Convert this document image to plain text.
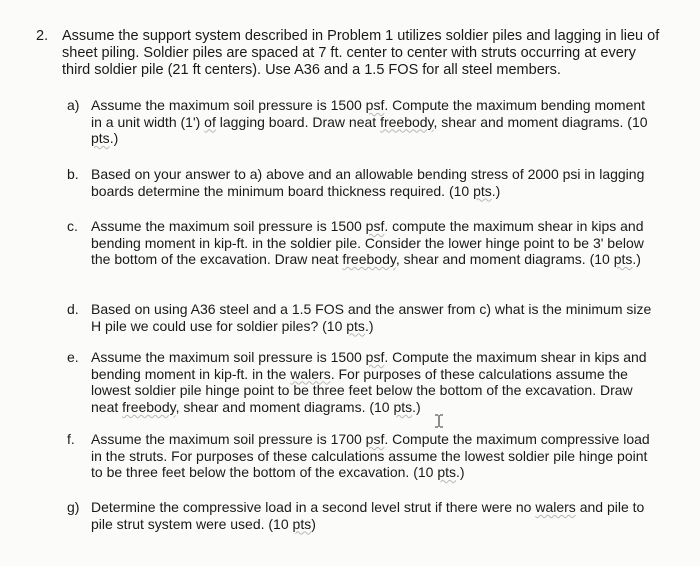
2. Assume the support system described in Problem 1 utilizes soldier piles and lagging in lieu of sheet piling. Soldier piles are spaced at 7 ft. center to center with struts occurring at every third soldier pile (21 ft centers). Use A36 and a 1.5 FOS for all steel members.
a) Assume the maximum soil pressure is 1500 psf. Compute the maximum bending moment in a unit width (1') of lagging board. Draw neat freebody, shear and moment diagrams. (10 pts.)
b. Based on your answer to a) above and an allowable bending stress of 2000 psi in lagging boards determine the minimum board thickness required. (10 pts.)
c. Assume the maximum soil pressure is 1500 psf. compute the maximum shear in kips and bending moment in kip-ft. in the soldier pile. Consider the lower hinge point to be 3' below the bottom of the excavation. Draw neat freebody, shear and moment diagrams. (10 pts.)
d. Based on using A36 steel and a 1.5 FOS and the answer from c) what is the minimum size H pile we could use for soldier piles? (10 pts.)
e. Assume the maximum soil pressure is 1500 psf. Compute the maximum shear in kips and bending moment in kip-ft. in the walers. For purposes of these calculations assume the lowest soldier pile hinge point to be three feet below the bottom of the excavation. Draw neat freebody, shear and moment diagrams. (10 pts.)
f.	Assume the maximum soil pressure is 1700 psf. Compute the maximum compressive load in the struts. For purposes of these calculations assume the lowest soldier pile hinge point to be three feet below the bottom of the excavation. (10 pts.)
g) Determine the compressive load in a second level strut if there were no walers and pile to pile strut system were used. (10 pts)
